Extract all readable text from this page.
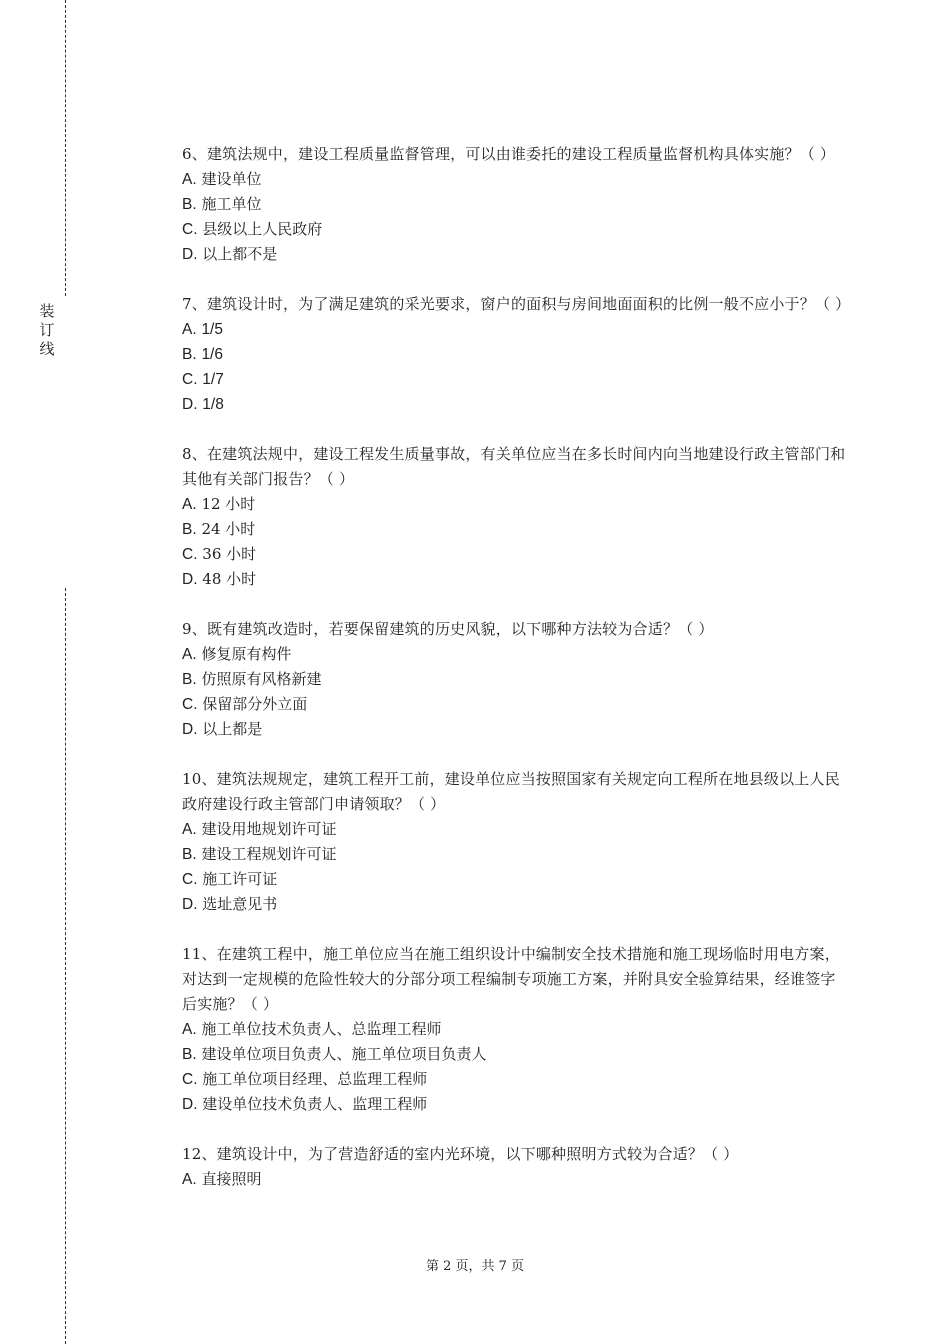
装
订
线
6、建筑法规中，建设工程质量监督管理，可以由谁委托的建设工程质量监督机构具体实施？（ ）
A. 建设单位
B. 施工单位
C. 县级以上人民政府
D. 以上都不是
7、建筑设计时，为了满足建筑的采光要求，窗户的面积与房间地面面积的比例一般不应小于？（ ）
A. 1/5
B. 1/6
C. 1/7
D. 1/8
8、在建筑法规中，建设工程发生质量事故，有关单位应当在多长时间内向当地建设行政主管部门和其他有关部门报告？（ ）
A. 12 小时
B. 24 小时
C. 36 小时
D. 48 小时
9、既有建筑改造时，若要保留建筑的历史风貌，以下哪种方法较为合适？（ ）
A. 修复原有构件
B. 仿照原有风格新建
C. 保留部分外立面
D. 以上都是
10、建筑法规规定，建筑工程开工前，建设单位应当按照国家有关规定向工程所在地县级以上人民政府建设行政主管部门申请领取？（ ）
A. 建设用地规划许可证
B. 建设工程规划许可证
C. 施工许可证
D. 选址意见书
11、在建筑工程中，施工单位应当在施工组织设计中编制安全技术措施和施工现场临时用电方案，对达到一定规模的危险性较大的分部分项工程编制专项施工方案，并附具安全验算结果，经谁签字后实施？（ ）
A. 施工单位技术负责人、总监理工程师
B. 建设单位项目负责人、施工单位项目负责人
C. 施工单位项目经理、总监理工程师
D. 建设单位技术负责人、监理工程师
12、建筑设计中，为了营造舒适的室内光环境，以下哪种照明方式较为合适？（ ）
A. 直接照明
第 2 页，共 7 页
